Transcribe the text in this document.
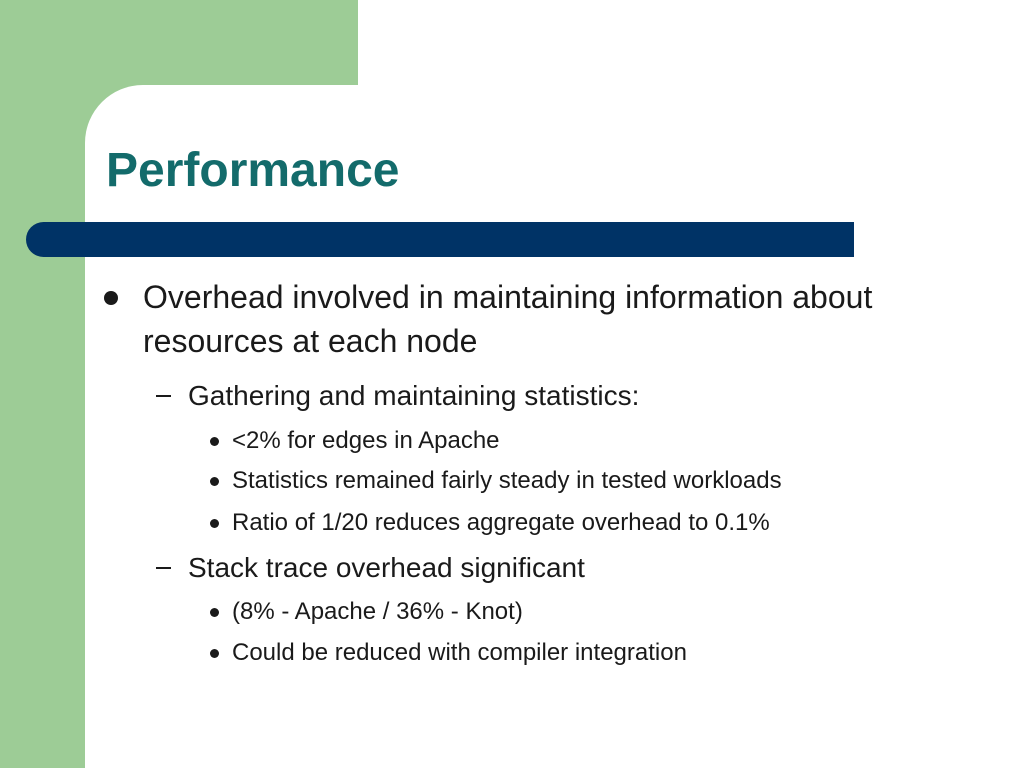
Performance

Overhead involved in maintaining information about resources at each node

Gathering and maintaining statistics:

<2% for edges in Apache

Statistics remained fairly steady in tested workloads

Ratio of 1/20 reduces aggregate overhead to 0.1%

Stack trace overhead significant

(8% - Apache / 36% - Knot)

Could be reduced with compiler integration
